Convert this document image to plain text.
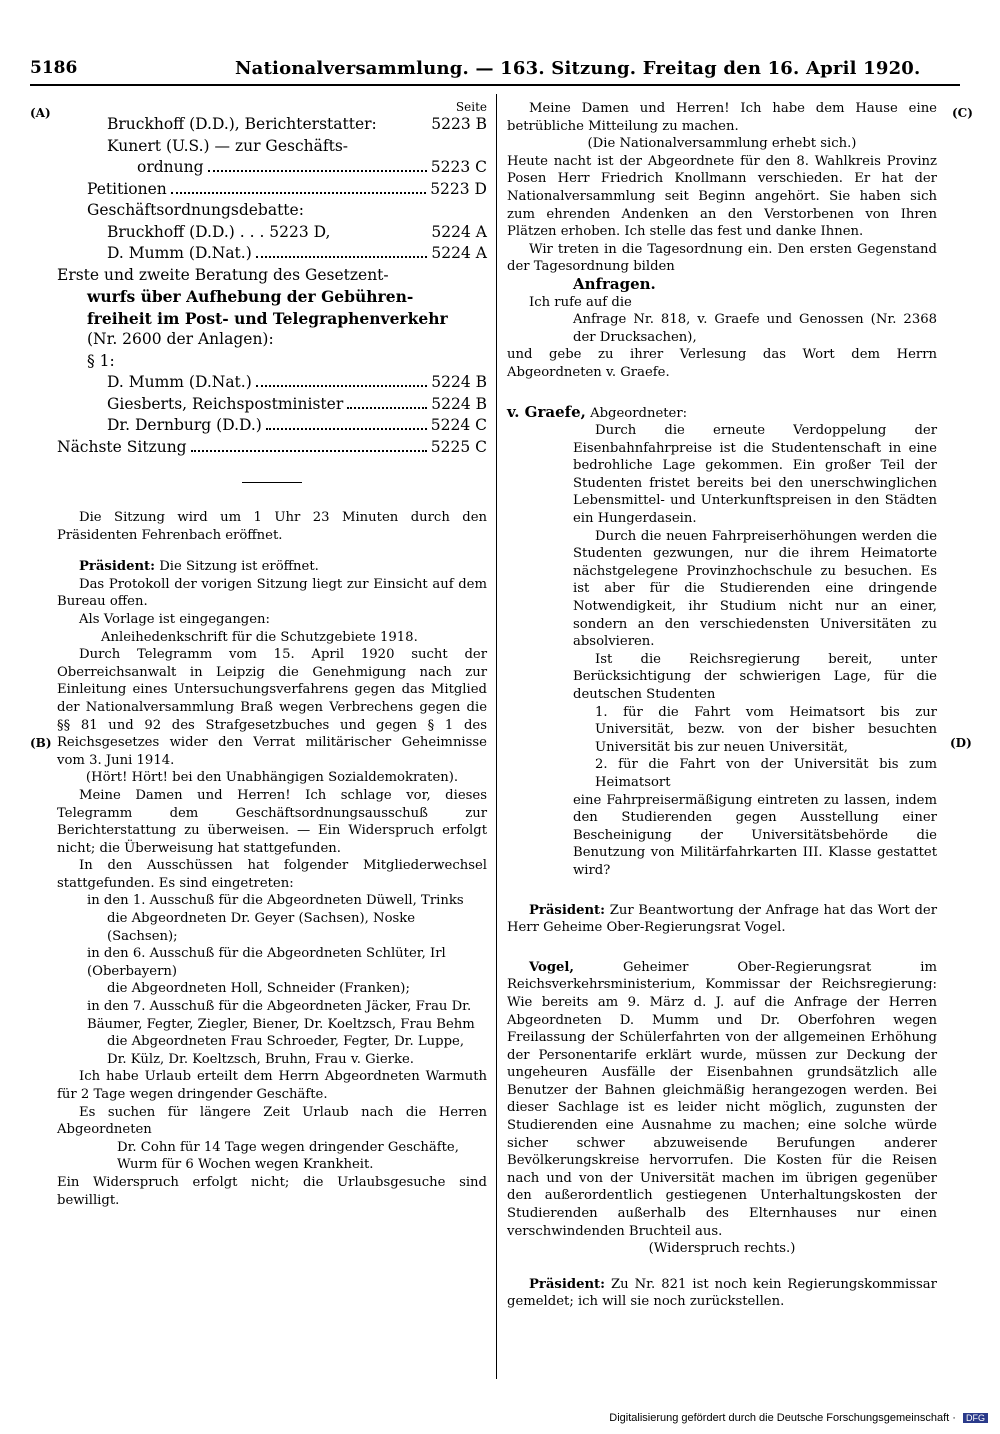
5186	Nationalversammlung. — 163. Sitzung. Freitag den 16. April 1920.
(A)
(B)
(C)
(D)
Seite
Bruckhoff (D.D.), Berichterstatter:	5223 B
Kunert (U.S.) — zur Geschäfts-
ordnung	5223 C
Petitionen	5223 D
Geschäftsordnungsdebatte:
Bruckhoff (D.D.) . . . 5223 D,	5224 A
D. Mumm (D.Nat.)	5224 A
Erste und zweite Beratung des Gesetzent-
wurfs über Aufhebung der Gebühren-
freiheit im Post- und Telegraphenverkehr
(Nr. 2600 der Anlagen):
§ 1:
D. Mumm (D.Nat.)	5224 B
Giesberts, Reichspostminister	5224 B
Dr. Dernburg (D.D.)	5224 C
Nächste Sitzung	5225 C

Die Sitzung wird um 1 Uhr 23 Minuten durch den Präsidenten Fehrenbach eröffnet.

Präsident: Die Sitzung ist eröffnet.

Das Protokoll der vorigen Sitzung liegt zur Einsicht auf dem Bureau offen.

Als Vorlage ist eingegangen:

Anleihedenkschrift für die Schutzgebiete 1918.

Durch Telegramm vom 15. April 1920 sucht der Oberreichsanwalt in Leipzig die Genehmigung nach zur Einleitung eines Untersuchungsverfahrens gegen das Mitglied der Nationalversammlung Braß wegen Verbrechens gegen die §§ 81 und 92 des Strafgesetzbuches und gegen § 1 des Reichsgesetzes wider den Verrat militärischer Geheimnisse vom 3. Juni 1914.

(Hört! Hört! bei den Unabhängigen Sozialdemokraten).

Meine Damen und Herren! Ich schlage vor, dieses Telegramm dem Geschäftsordnungsausschuß zur Berichterstattung zu überweisen. — Ein Widerspruch erfolgt nicht; die Überweisung hat stattgefunden.

In den Ausschüssen hat folgender Mitgliederwechsel stattgefunden. Es sind eingetreten:

in den 1. Ausschuß für die Abgeordneten Düwell, Trinks
die Abgeordneten Dr. Geyer (Sachsen), Noske (Sachsen);
in den 6. Ausschuß für die Abgeordneten Schlüter, Irl (Oberbayern)
die Abgeordneten Holl, Schneider (Franken);
in den 7. Ausschuß für die Abgeordneten Jäcker, Frau Dr. Bäumer, Fegter, Ziegler, Biener, Dr. Koeltzsch, Frau Behm
die Abgeordneten Frau Schroeder, Fegter, Dr. Luppe, Dr. Külz, Dr. Koeltzsch, Bruhn, Frau v. Gierke.

Ich habe Urlaub erteilt dem Herrn Abgeordneten Warmuth für 2 Tage wegen dringender Geschäfte.

Es suchen für längere Zeit Urlaub nach die Herren Abgeordneten

Dr. Cohn für 14 Tage wegen dringender Geschäfte,
Wurm für 6 Wochen wegen Krankheit.

Ein Widerspruch erfolgt nicht; die Urlaubsgesuche sind bewilligt.

Meine Damen und Herren! Ich habe dem Hause eine betrübliche Mitteilung zu machen.

(Die Nationalversammlung erhebt sich.)

Heute nacht ist der Abgeordnete für den 8. Wahlkreis Provinz Posen Herr Friedrich Knollmann verschieden. Er hat der Nationalversammlung seit Beginn angehört. Sie haben sich zum ehrenden Andenken an den Verstorbenen von Ihren Plätzen erhoben. Ich stelle das fest und danke Ihnen.

Wir treten in die Tagesordnung ein. Den ersten Gegenstand der Tagesordnung bilden

Anfragen.

Ich rufe auf die

Anfrage Nr. 818, v. Graefe und Genossen (Nr. 2368 der Drucksachen),

und gebe zu ihrer Verlesung das Wort dem Herrn Abgeordneten v. Graefe.

v. Graefe, Abgeordneter:

Durch die erneute Verdoppelung der Eisenbahnfahrpreise ist die Studentenschaft in eine bedrohliche Lage gekommen. Ein großer Teil der Studenten fristet bereits bei den unerschwinglichen Lebensmittel- und Unterkunftspreisen in den Städten ein Hungerdasein.

Durch die neuen Fahrpreiserhöhungen werden die Studenten gezwungen, nur die ihrem Heimatorte nächstgelegene Provinzhochschule zu besuchen. Es ist aber für die Studierenden eine dringende Notwendigkeit, ihr Studium nicht nur an einer, sondern an den verschiedensten Universitäten zu absolvieren.

Ist die Reichsregierung bereit, unter Berücksichtigung der schwierigen Lage, für die deutschen Studenten

1. für die Fahrt vom Heimatsort bis zur Universität, bezw. von der bisher besuchten Universität bis zur neuen Universität,

2. für die Fahrt von der Universität bis zum Heimatsort

eine Fahrpreisermäßigung eintreten zu lassen, indem den Studierenden gegen Ausstellung einer Bescheinigung der Universitätsbehörde die Benutzung von Militärfahrkarten III. Klasse gestattet wird?

Präsident: Zur Beantwortung der Anfrage hat das Wort der Herr Geheime Ober-Regierungsrat Vogel.

Vogel,	Geheimer Ober-Regierungsrat im Reichsverkehrsministerium, Kommissar der Reichsregierung: Wie bereits am 9. März d. J. auf die Anfrage der Herren Abgeordneten D. Mumm und Dr. Oberfohren wegen Freilassung der Schülerfahrten von der allgemeinen Erhöhung der Personentarife erklärt wurde, müssen zur Deckung der ungeheuren Ausfälle der Eisenbahnen grundsätzlich alle Benutzer der Bahnen gleichmäßig herangezogen werden. Bei dieser Sachlage ist es leider nicht möglich, zugunsten der Studierenden eine Ausnahme zu machen; eine solche würde sicher schwer abzuweisende Berufungen anderer Bevölkerungskreise hervorrufen. Die Kosten für die Reisen nach und von der Universität machen im übrigen gegenüber den außerordentlich gestiegenen Unterhaltungskosten der Studierenden außerhalb des Elternhauses nur einen verschwindenden Bruchteil aus.

(Widerspruch rechts.)

Präsident: Zu Nr. 821 ist noch kein Regierungskommissar gemeldet; ich will sie noch zurückstellen.

Digitalisierung gefördert durch die Deutsche Forschungsgemeinschaft · DFG
